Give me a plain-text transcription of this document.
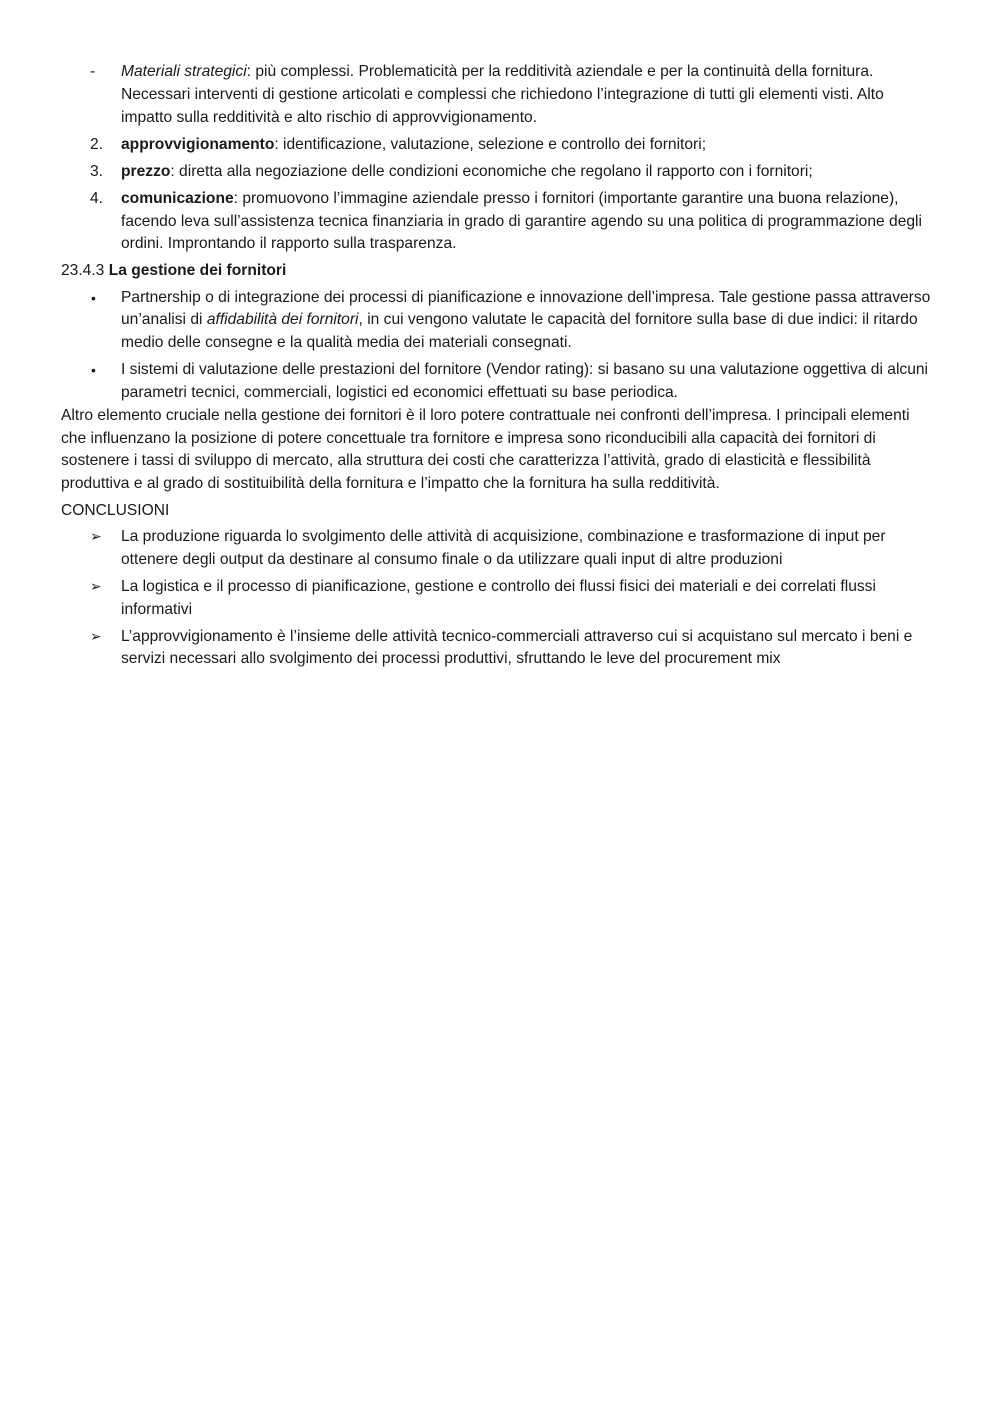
- Materiali strategici: più complessi. Problematicità per la redditività aziendale e per la continuità della fornitura. Necessari interventi di gestione articolati e complessi che richiedono l’integrazione di tutti gli elementi visti. Alto impatto sulla redditività e alto rischio di approvvigionamento.
2. approvvigionamento: identificazione, valutazione, selezione e controllo dei fornitori;
3. prezzo: diretta alla negoziazione delle condizioni economiche che regolano il rapporto con i fornitori;
4. comunicazione: promuovono l’immagine aziendale presso i fornitori (importante garantire una buona relazione), facendo leva sull’assistenza tecnica finanziaria in grado di garantire agendo su una politica di programmazione degli ordini. Improntando il rapporto sulla trasparenza.
23.4.3 La gestione dei fornitori
• Partnership o di integrazione dei processi di pianificazione e innovazione dell’impresa. Tale gestione passa attraverso un’analisi di affidabilità dei fornitori, in cui vengono valutate le capacità del fornitore sulla base di due indici: il ritardo medio delle consegne e la qualità media dei materiali consegnati.
• I sistemi di valutazione delle prestazioni del fornitore (Vendor rating): si basano su una valutazione oggettiva di alcuni parametri tecnici, commerciali, logistici ed economici effettuati su base periodica.

Altro elemento cruciale nella gestione dei fornitori è il loro potere contrattuale nei confronti dell’impresa. I principali elementi che influenzano la posizione di potere concettuale tra fornitore e impresa sono riconducibili alla capacità dei fornitori di sostenere i tassi di sviluppo di mercato, alla struttura dei costi che caratterizza l’attività, grado di elasticità e flessibilità produttiva e al grado di sostituibilità della fornitura e l’impatto che la fornitura ha sulla redditività.

CONCLUSIONI
➢ La produzione riguarda lo svolgimento delle attività di acquisizione, combinazione e trasformazione di input per ottenere degli output da destinare al consumo finale o da utilizzare quali input di altre produzioni
➢ La logistica e il processo di pianificazione, gestione e controllo dei flussi fisici dei materiali e dei correlati flussi informativi
➢ L’approvvigionamento è l’insieme delle attività tecnico-commerciali attraverso cui si acquistano sul mercato i beni e servizi necessari allo svolgimento dei processi produttivi, sfruttando le leve del procurement mix
